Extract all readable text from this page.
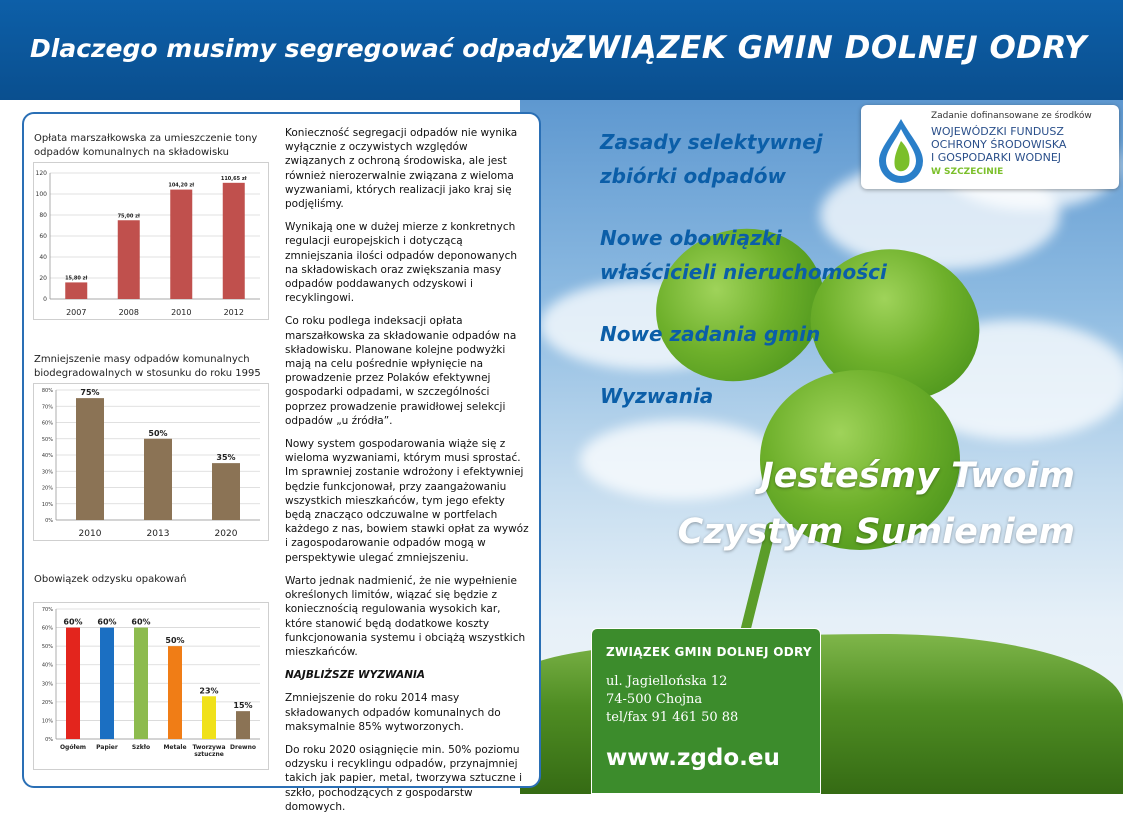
Dlaczego musimy segregować odpady?
ZWIĄZEK GMIN DOLNEJ ODRY
Zasady selektywnej
zbiórki odpadów
Nowe obowiązki
właścicieli nieruchomości
Nowe zadania gmin
Wyzwania
Jesteśmy Twoim
Czystym Sumieniem
Zadanie dofinansowane ze środków
WOJEWÓDZKI FUNDUSZ
OCHRONY ŚRODOWISKA
I GOSPODARKI WODNEJ
W SZCZECINIE
ZWIĄZEK GMIN DOLNEJ ODRY
ul. Jagiellońska 12
74-500 Chojna
tel/fax 91 461 50 88
www.zgdo.eu
Opłata marszałkowska za umieszczenie tony odpadów komunalnych na składowisku
0
20
40
60
80
100
120
15,80 zł
2007
75,00 zł
2008
104,20 zł
2010
110,65 zł
2012
Zmniejszenie masy odpadów komunalnych biodegradowalnych w stosunku do roku 1995
0%
10%
20%
30%
40%
50%
60%
70%
80%	75%
2010
50%
2013
35%
2020
Obowiązek odzysku opakowań
0%
10%
20%
30%
40%
50%
60%
70%
60%
Ogółem
60%
Papier
60%
Szkło
50%
Metale
23%
Tworzywa
sztuczne
15%
Drewno

Konieczność segregacji odpadów nie wynika wyłącznie z oczywistych względów związanych z ochroną środowiska, ale jest również nierozerwalnie związana z wieloma wyzwaniami, których realizacji jako kraj się podjęliśmy.

Wynikają one w dużej mierze z konkretnych regulacji europejskich i dotyczącą zmniejszania ilości odpadów deponowanych na składowiskach oraz zwiększania masy odpadów poddawanych odzyskowi i recyklingowi.

Co roku podlega indeksacji opłata marszałkowska za składowanie odpadów na składowisku. Planowane kolejne podwyżki mają na celu pośrednie wpłynięcie na prowadzenie przez Polaków efektywnej gospodarki odpadami, w szczególności poprzez prowadzenie prawidłowej selekcji odpadów „u źródła”.

Nowy system gospodarowania wiąże się z wieloma wyzwaniami, którym musi sprostać. Im sprawniej zostanie wdrożony i efektywniej będzie funkcjonował, przy zaangażowaniu wszystkich mieszkańców, tym jego efekty będą znacząco odczuwalne w portfelach każdego z nas, bowiem stawki opłat za wywóz i zagospodarowanie odpadów mogą w perspektywie ulegać zmniejszeniu.

Warto jednak nadmienić, że nie wypełnienie określonych limitów, wiązać się będzie z koniecznością regulowania wysokich kar, które stanowić będą dodatkowe koszty funkcjonowania systemu i obciążą wszystkich mieszkańców.

NAJBLIŻSZE WYZWANIA

Zmniejszenie do roku 2014 masy składowanych odpadów komunalnych do maksymalnie 85% wytworzonych.

Do roku 2020 osiągnięcie min. 50% poziomu odzysku i recyklingu odpadów, przynajmniej takich jak papier, metal, tworzywa sztuczne i szkło, pochodzących z gospodarstw domowych.
